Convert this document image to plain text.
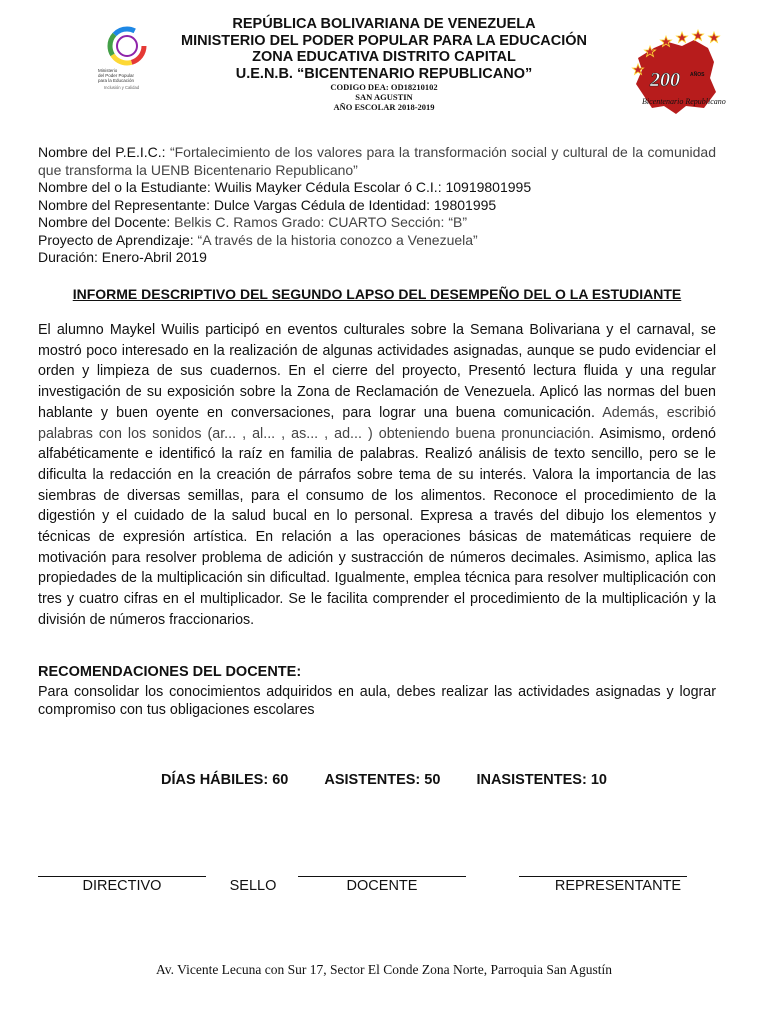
Ministerio
del Poder Popular
para la Educación
Inclusión y Calidad

REPÚBLICA BOLIVARIANA DE VENEZUELA

MINISTERIO DEL PODER POPULAR PARA LA EDUCACIÓN

ZONA EDUCATIVA DISTRITO CAPITAL

U.E.N.B. “BICENTENARIO REPUBLICANO”

CODIGO DEA: OD18210102

SAN AGUSTIN

AÑO ESCOLAR 2018-2019

200 AÑOS
Bicentenario Republicano

Nombre del P.E.I.C.: “Fortalecimiento de los valores para la transformación social y cultural de la comunidad que transforma la UENB Bicentenario Republicano”

Nombre del o la Estudiante: Wuilis Mayker Cédula Escolar ó C.I.: 10919801995

Nombre del Representante: Dulce Vargas Cédula de Identidad: 19801995

Nombre del Docente: Belkis C. Ramos Grado: CUARTO Sección: “B”

Proyecto de Aprendizaje: “A través de la historia conozco a Venezuela”

Duración: Enero-Abril 2019

INFORME DESCRIPTIVO DEL SEGUNDO LAPSO DEL DESEMPEÑO DEL O LA ESTUDIANTE

El alumno Maykel Wuilis participó en eventos culturales sobre la Semana Bolivariana y el carnaval, se mostró poco interesado en la realización de algunas actividades asignadas, aunque se pudo evidenciar el orden y limpieza de sus cuadernos. En el cierre del proyecto, Presentó lectura fluida y una regular investigación de su exposición sobre la Zona de Reclamación de Venezuela. Aplicó las normas del buen hablante y buen oyente en conversaciones, para lograr una buena comunicación. Además, escribió palabras con los sonidos (ar... , al... , as... , ad... ) obteniendo buena pronunciación. Asimismo, ordenó alfabéticamente e identificó la raíz en familia de palabras. Realizó análisis de texto sencillo, pero se le dificulta la redacción en la creación de párrafos sobre tema de su interés. Valora la importancia de las siembras de diversas semillas, para el consumo de los alimentos. Reconoce el procedimiento de la digestión y el cuidado de la salud bucal en lo personal. Expresa a través del dibujo los elementos y técnicas de expresión artística. En relación a las operaciones básicas de matemáticas requiere de motivación para resolver problema de adición y sustracción de números decimales. Asimismo, aplica las propiedades de la multiplicación sin dificultad. Igualmente, emplea técnica para resolver multiplicación con tres y cuatro cifras en el multiplicador. Se le facilita comprender el procedimiento de la multiplicación y la división de números fraccionarios.

RECOMENDACIONES DEL DOCENTE:

Para consolidar los conocimientos adquiridos en aula, debes realizar las actividades asignadas y lograr compromiso con tus obligaciones escolares

DÍAS HÁBILES: 60 ASISTENTES: 50 INASISTENTES: 10
DIRECTIVO	SELLO	DOCENTE	REPRESENTANTE
Av. Vicente Lecuna con Sur 17, Sector El Conde Zona Norte, Parroquia San Agustín
